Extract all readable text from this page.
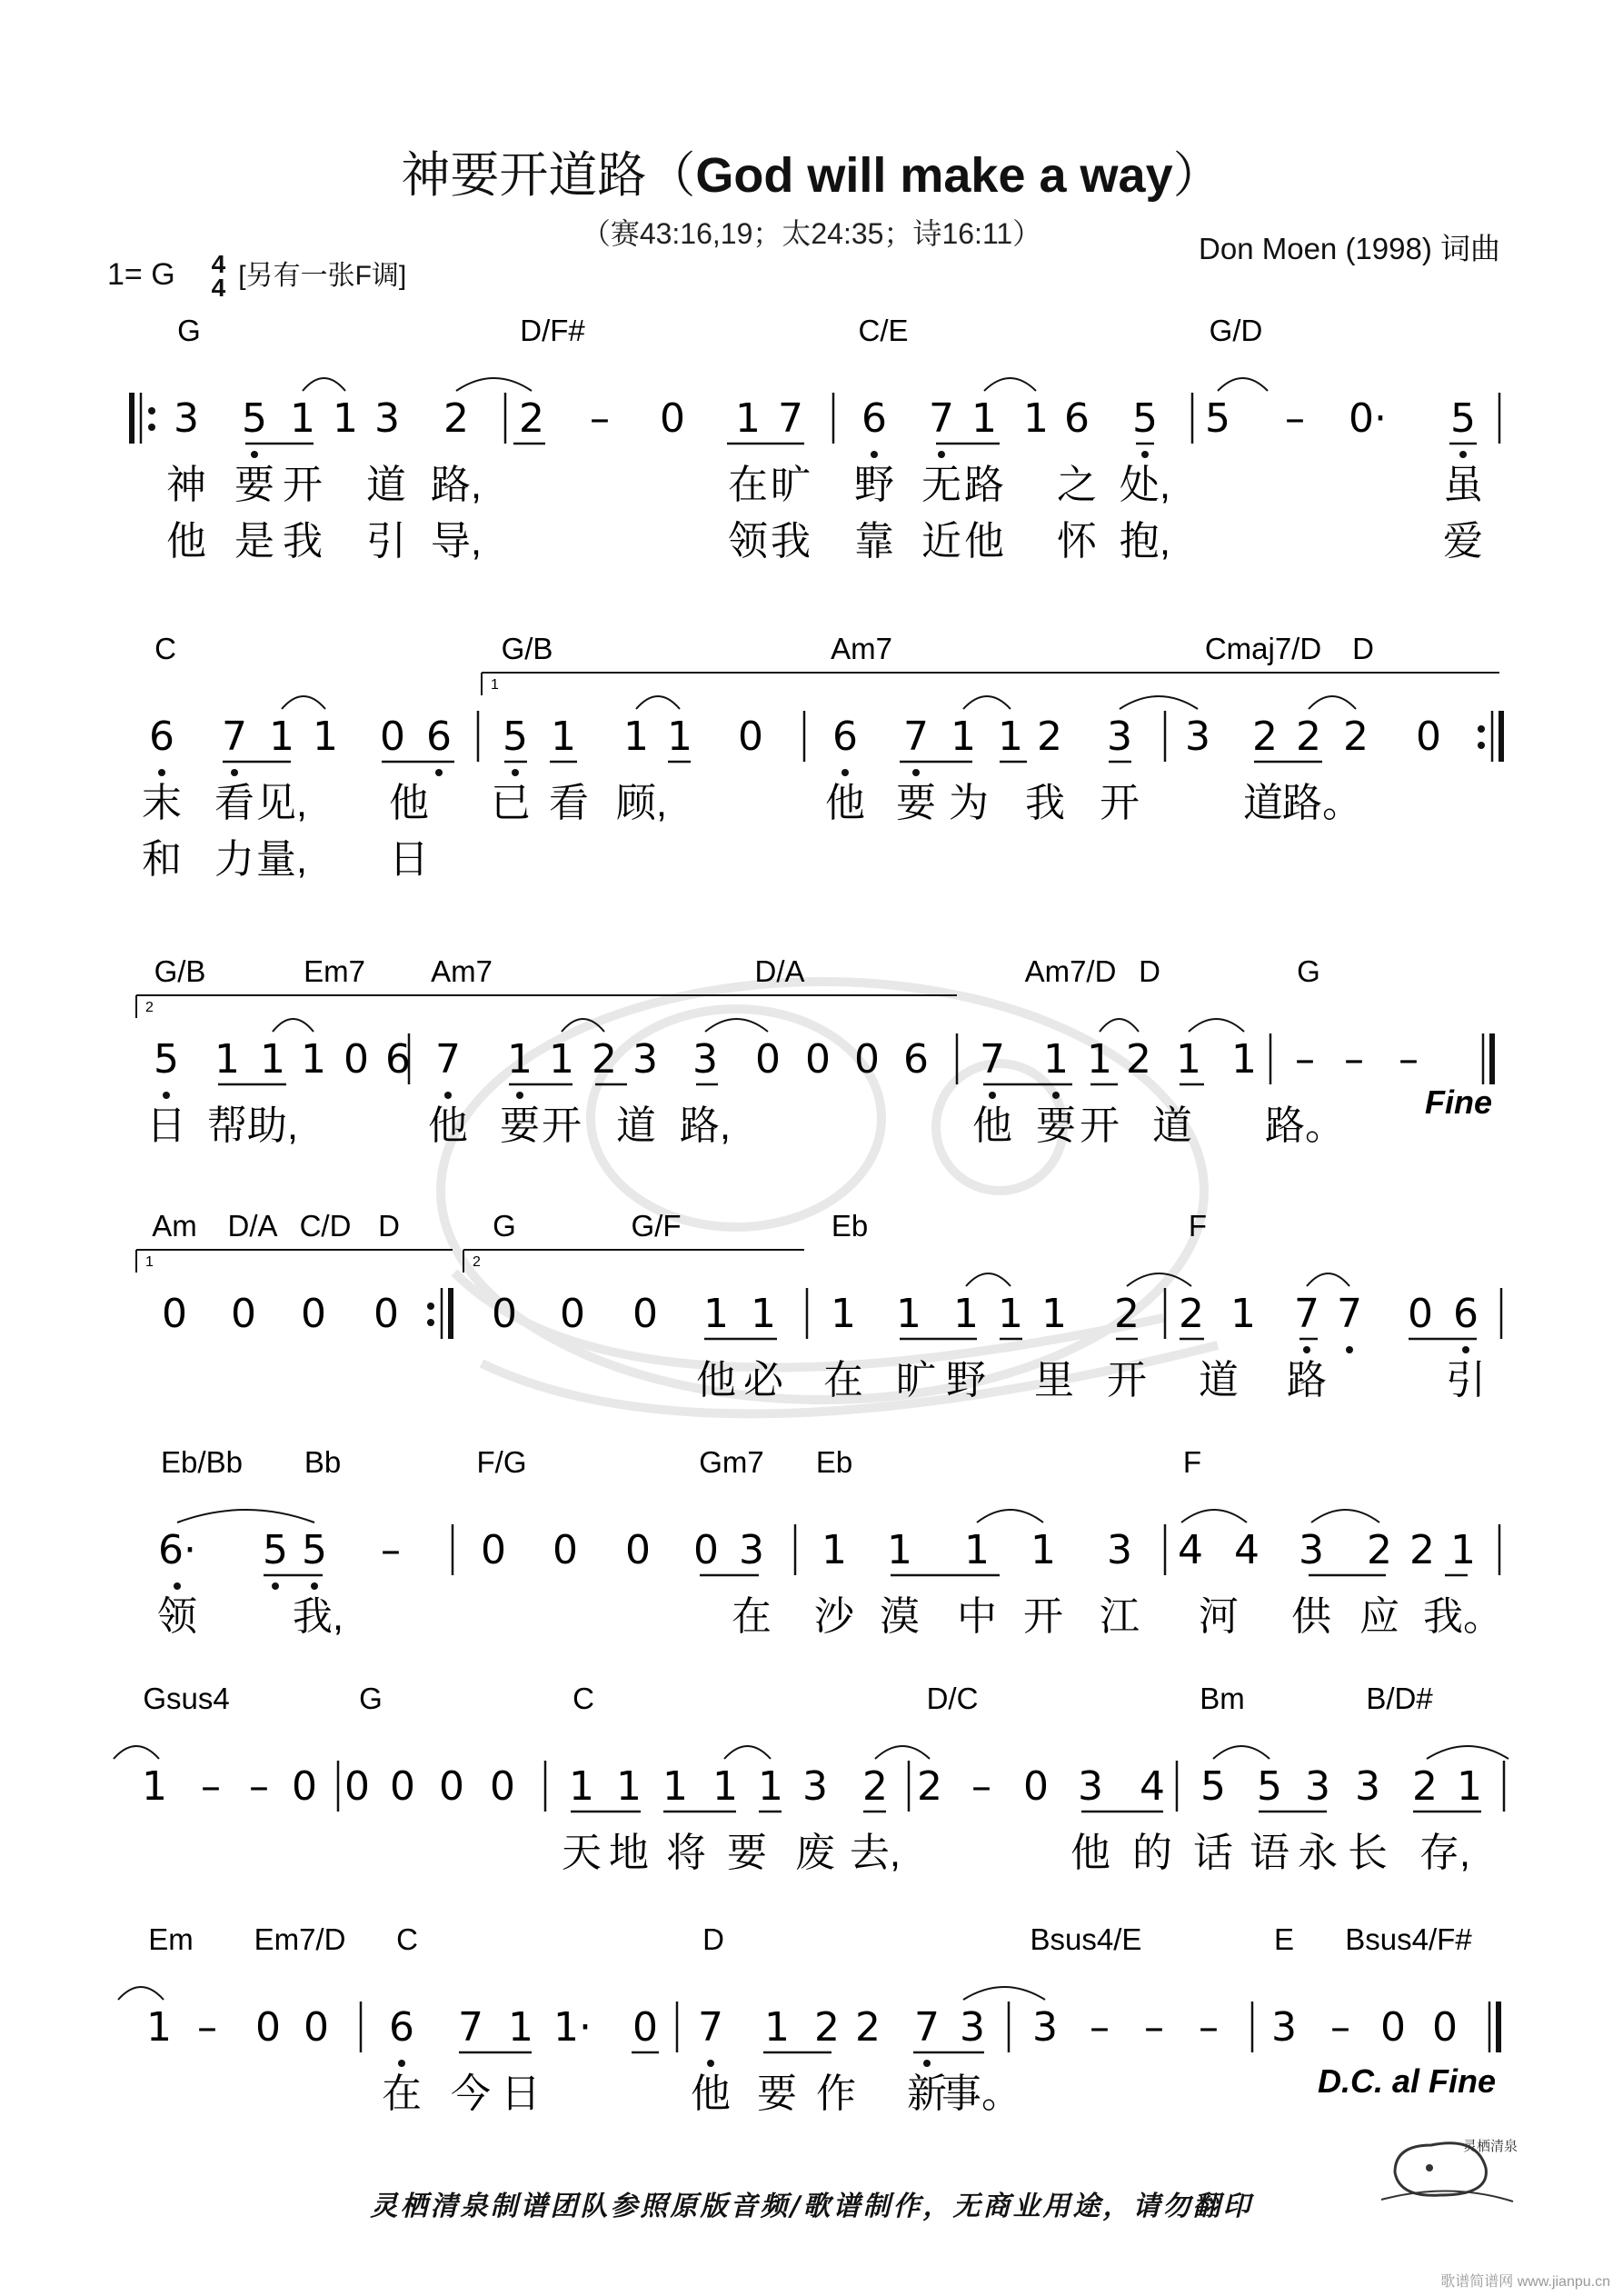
神要开道路（God will make a way）
（赛43:16,19；太24:35；诗16:11）	Don Moen (1998) 词曲
1= G 4
4 [另有一张F调]
G	D/F#	C/E	G/D
3 5 1 1 3 2 2 – 0 1 7 6 7 1 1 6 5 5 – 0· 5
神 要 开 道 路,	在 旷 野 无 路 之 处,	虽
他 是 我 引 导,	领 我 靠 近 他 怀 抱,	爱
C	G/B	Am7	Cmaj7/D D
6 7 1 1 0 6 5 1 1 1 0 6 7 1 1 2 3 3 2 2 2 0
末 看 见, 他 已 看 顾,	他 要 为 我 开	道 路。
和 力 量, 日
1
G/B	Em7 Am7	D/A	Am7/D D	G
5 1 1 1 0 6 7 1 1 2 3 3 0 0 0 6 7 1 1 2 1 1 – – –
日 帮 助,	他 要 开 道 路,	他 要 开 道 路。
2
Am D/A C/D D	G	G/F	Eb	F
0 0 0 0 0 0 0 1 1 1 1 1 1 1 2 2 1 7 7 0 6
他 必 在 旷 野 里 开 道 路	引
1	2
Eb/Bb Bb	F/G	Gm7 Eb	F
6· 5 5 – 0 0 0 0 3 1 1 1 1 3 4 4 3 2 2 1
领 我,	在 沙 漠 中 开 江 河 供 应 我。
Gsus4	G	C	D/C	Bm	B/D#
1 – – 0 0 0 0 0 1 1 1 1 1 3 2 2 – 0 3 4 5 5 3 3 2 1
天 地 将 要 废 去,	他 的 话 语 永 长 存,
Em Em7/D C	D	Bsus4/E	E Bsus4/F#
1 – 0 0 6 7 1 1· 0 7 1 2 2 7 3 3 – – – 3 – 0 0
在 今 日	他 要 作 新
事。
Fine
D.C. al Fine
灵栖清泉制谱团队参照原版音频/歌谱制作，无商业用途，请勿翻印
灵栖清泉
歌谱简谱网 www.jianpu.cn
